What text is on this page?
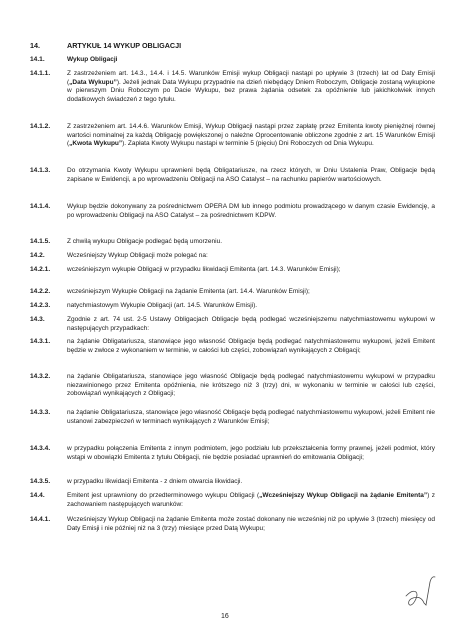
14.	ARTYKUŁ 14 WYKUP OBLIGACJI
14.1.	Wykup Obligacji
14.1.1.	Z zastrzeżeniem art. 14.3., 14.4. i 14.5. Warunków Emisji wykup Obligacji nastąpi po upływie 3 (trzech) lat od Daty Emisji („Data Wykupu”). Jeżeli jednak Data Wykupu przypadnie na dzień niebędący Dniem Roboczym, Obligacje zostaną wykupione w pierwszym Dniu Roboczym po Dacie Wykupu, bez prawa żądania odsetek za opóźnienie lub jakichkolwiek innych dodatkowych świadczeń z tego tytułu.
14.1.2.	Z zastrzeżeniem art. 14.4.6. Warunków Emisji, Wykup Obligacji nastąpi przez zapłatę przez Emitenta kwoty pieniężnej równej wartości nominalnej za każdą Obligację powiększonej o należne Oprocentowanie obliczone zgodnie z art. 15 Warunków Emisji („Kwota Wykupu”). Zapłata Kwoty Wykupu nastąpi w terminie 5 (pięciu) Dni Roboczych od Dnia Wykupu.
14.1.3.	Do otrzymania Kwoty Wykupu uprawnieni będą Obligatariusze, na rzecz których, w Dniu Ustalenia Praw, Obligacje będą zapisane w Ewidencji, a po wprowadzeniu Obligacji na ASO Catalyst – na rachunku papierów wartościowych.
14.1.4.	Wykup będzie dokonywany za pośrednictwem OPERA DM lub innego podmiotu prowadzącego w danym czasie Ewidencję, a po wprowadzeniu Obligacji na ASO Catalyst – za pośrednictwem KDPW.
14.1.5.	Z chwilą wykupu Obligacje podlegać będą umorzeniu.
14.2.	Wcześniejszy Wykup Obligacji może polegać na:
14.2.1.	wcześniejszym wykupie Obligacji w przypadku likwidacji Emitenta (art. 14.3. Warunków Emisji);
14.2.2.	wcześniejszym Wykupie Obligacji na żądanie Emitenta (art. 14.4. Warunków Emisji);
14.2.3.	natychmiastowym Wykupie Obligacji (art. 14.5. Warunków Emisji).
14.3.	Zgodnie z art. 74 ust. 2-5 Ustawy Obligacjach Obligacje będą podlegać wcześniejszemu natychmiastowemu wykupowi w następujących przypadkach:
14.3.1.	na żądanie Obligatariusza, stanowiące jego własność Obligacje będą podlegać natychmiastowemu wykupowi, jeżeli Emitent będzie w zwłoce z wykonaniem w terminie, w całości lub części, zobowiązań wynikających z Obligacji;
14.3.2.	na żądanie Obligatariusza, stanowiące jego własność Obligacje będą podlegać natychmiastowemu wykupowi w przypadku niezawinionego przez Emitenta opóźnienia, nie krótszego niż 3 (trzy) dni, w wykonaniu w terminie w całości lub części, zobowiązań wynikających z Obligacji;
14.3.3.	na żądanie Obligatariusza, stanowiące jego własność Obligacje będą podlegać natychmiastowemu wykupowi, jeżeli Emitent nie ustanowi zabezpieczeń w terminach wynikających z Warunków Emisji;
14.3.4.	w przypadku połączenia Emitenta z innym podmiotem, jego podziału lub przekształcenia formy prawnej, jeżeli podmiot, który wstąpi w obowiązki Emitenta z tytułu Obligacji, nie będzie posiadać uprawnień do emitowania Obligacji;
14.3.5.	w przypadku likwidacji Emitenta - z dniem otwarcia likwidacji.
14.4.	Emitent jest uprawniony do przedterminowego wykupu Obligacji („Wcześniejszy Wykup Obligacji na żądanie Emitenta”) z zachowaniem następujących warunków:
14.4.1.	Wcześniejszy Wykup Obligacji na żądanie Emitenta może zostać dokonany nie wcześniej niż po upływie 3 (trzech) miesięcy od Daty Emisji i nie później niż na 3 (trzy) miesiące przed Datą Wykupu;
16
